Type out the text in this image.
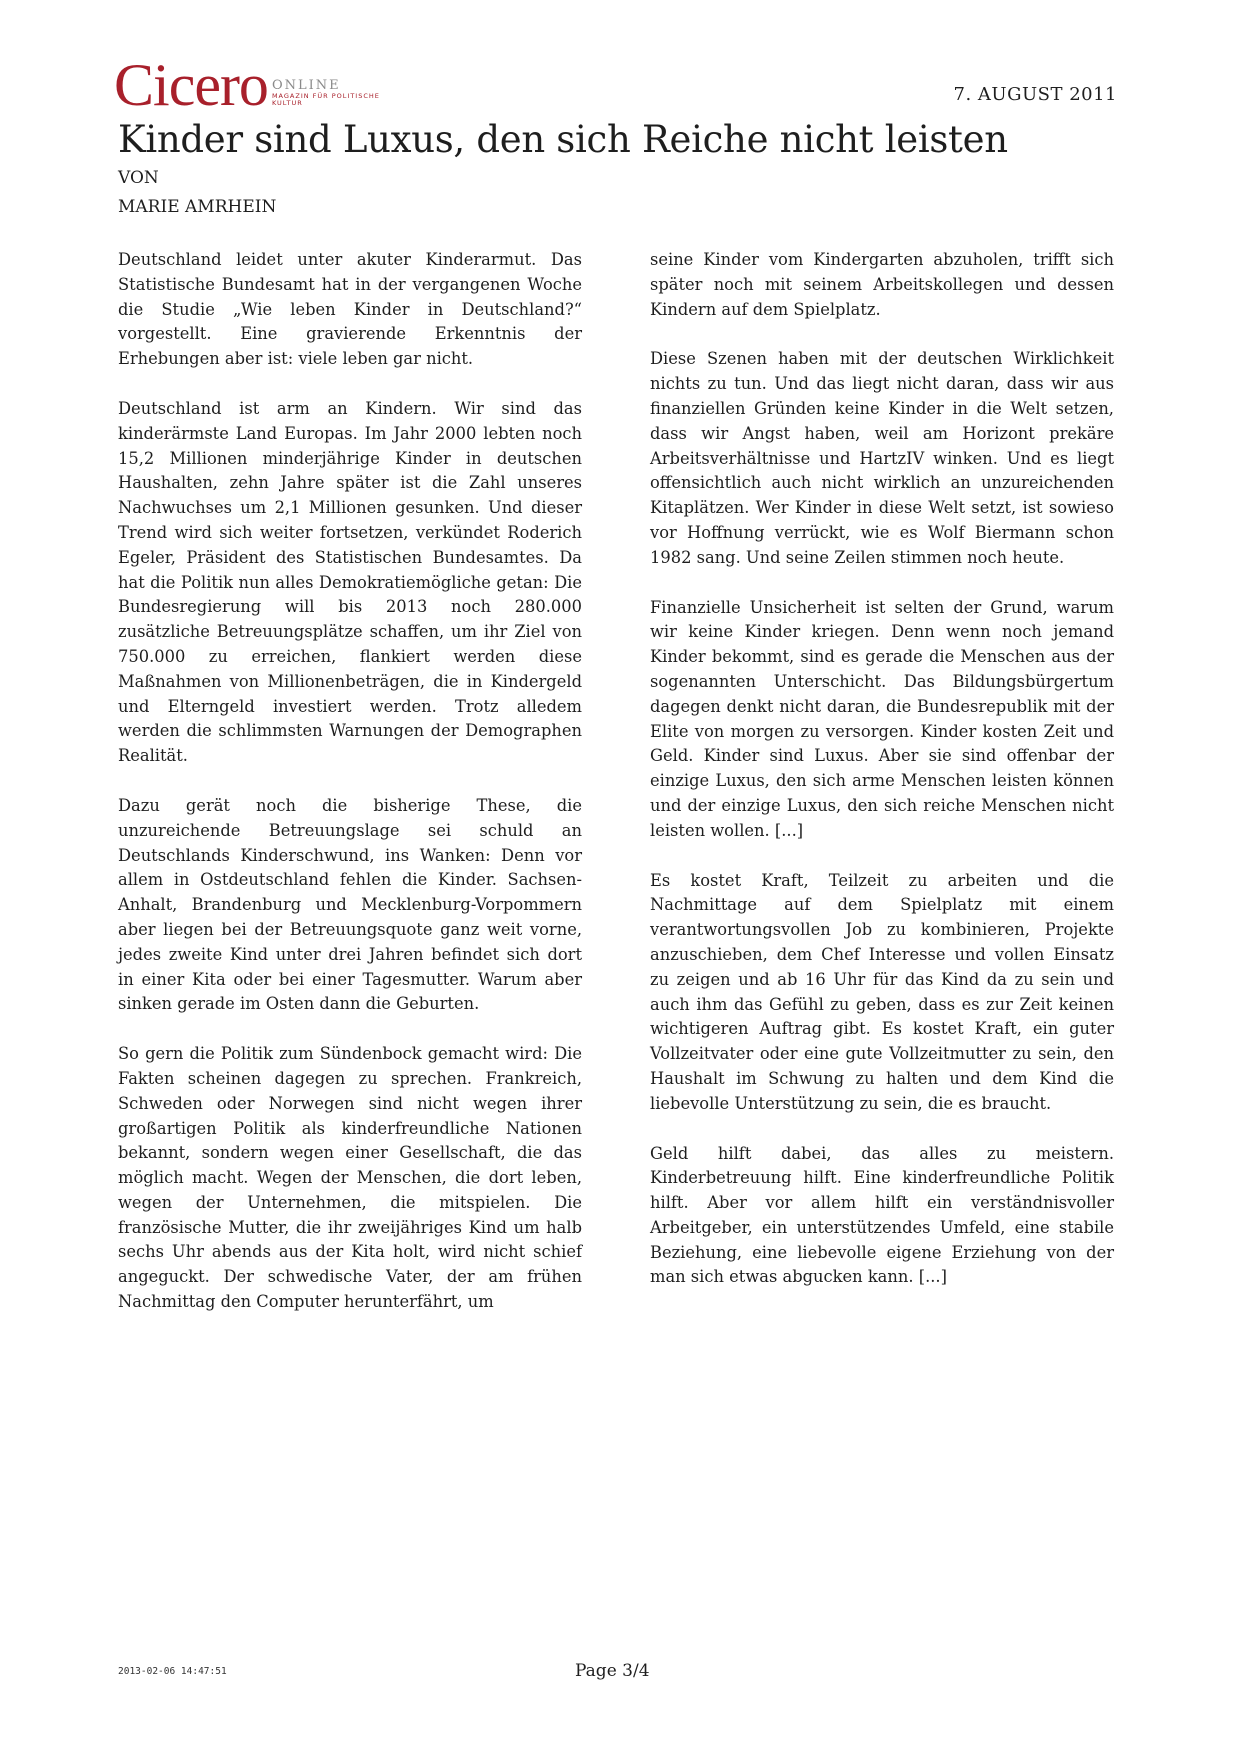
Cicero ONLINE
MAGAZIN FÜR POLITISCHE KULTUR	7. AUGUST 2011
Kinder sind Luxus, den sich Reiche nicht leisten
VON
MARIE AMRHEIN

Deutschland leidet unter akuter Kinderarmut. Das Statistische Bundesamt hat in der vergangenen Woche die Studie „Wie leben Kinder in Deutschland?“ vorgestellt. Eine gravierende Erkenntnis der Erhebungen aber ist: viele leben gar nicht.

Deutschland ist arm an Kindern. Wir sind das kinderärmste Land Europas. Im Jahr 2000 lebten noch 15,2 Millionen minderjährige Kinder in deutschen Haushalten, zehn Jahre später ist die Zahl unseres Nachwuchses um 2,1 Millionen gesunken. Und dieser Trend wird sich weiter fortsetzen, verkündet Roderich Egeler, Präsident des Statistischen Bundesamtes. Da hat die Politik nun alles Demokratiemögliche getan: Die Bundesregierung will bis 2013 noch 280.000 zusätzliche Betreuungsplätze schaffen, um ihr Ziel von 750.000 zu erreichen, flankiert werden diese Maßnahmen von Millionenbeträgen, die in Kindergeld und Elterngeld investiert werden. Trotz alledem werden die schlimmsten Warnungen der Demographen Realität.

Dazu gerät noch die bisherige These, die unzureichende Betreuungslage sei schuld an Deutschlands Kinderschwund, ins Wanken: Denn vor allem in Ostdeutschland fehlen die Kinder. Sachsen-Anhalt, Brandenburg und Mecklenburg-Vorpommern aber liegen bei der Betreuungsquote ganz weit vorne, jedes zweite Kind unter drei Jahren befindet sich dort in einer Kita oder bei einer Tagesmutter. Warum aber sinken gerade im Osten dann die Geburten.

So gern die Politik zum Sündenbock gemacht wird: Die Fakten scheinen dagegen zu sprechen. Frankreich, Schweden oder Norwegen sind nicht wegen ihrer großartigen Politik als kinderfreundliche Nationen bekannt, sondern wegen einer Gesellschaft, die das möglich macht. Wegen der Menschen, die dort leben, wegen der Unternehmen, die mitspielen. Die französische Mutter, die ihr zweijähriges Kind um halb sechs Uhr abends aus der Kita holt, wird nicht schief angeguckt. Der schwedische Vater, der am frühen Nachmittag den Computer herunterfährt, um

seine Kinder vom Kindergarten abzuholen, trifft sich später noch mit seinem Arbeitskollegen und dessen Kindern auf dem Spielplatz.

Diese Szenen haben mit der deutschen Wirklichkeit nichts zu tun. Und das liegt nicht daran, dass wir aus finanziellen Gründen keine Kinder in die Welt setzen, dass wir Angst haben, weil am Horizont prekäre Arbeitsverhältnisse und HartzIV winken. Und es liegt offensichtlich auch nicht wirklich an unzureichenden Kitaplätzen. Wer Kinder in diese Welt setzt, ist sowieso vor Hoffnung verrückt, wie es Wolf Biermann schon 1982 sang. Und seine Zeilen stimmen noch heute.

Finanzielle Unsicherheit ist selten der Grund, warum wir keine Kinder kriegen. Denn wenn noch jemand Kinder bekommt, sind es gerade die Menschen aus der sogenannten Unterschicht. Das Bildungsbürgertum dagegen denkt nicht daran, die Bundesrepublik mit der Elite von morgen zu versorgen. Kinder kosten Zeit und Geld. Kinder sind Luxus. Aber sie sind offenbar der einzige Luxus, den sich arme Menschen leisten können und der einzige Luxus, den sich reiche Menschen nicht leisten wollen. [...]

Es kostet Kraft, Teilzeit zu arbeiten und die Nachmittage auf dem Spielplatz mit einem verantwortungsvollen Job zu kombinieren, Projekte anzuschieben, dem Chef Interesse und vollen Einsatz zu zeigen und ab 16 Uhr für das Kind da zu sein und auch ihm das Gefühl zu geben, dass es zur Zeit keinen wichtigeren Auftrag gibt. Es kostet Kraft, ein guter Vollzeitvater oder eine gute Vollzeitmutter zu sein, den Haushalt im Schwung zu halten und dem Kind die liebevolle Unterstützung zu sein, die es braucht.

Geld hilft dabei, das alles zu meistern. Kinderbetreuung hilft. Eine kinderfreundliche Politik hilft. Aber vor allem hilft ein verständnisvoller Arbeitgeber, ein unterstützendes Umfeld, eine stabile Beziehung, eine liebevolle eigene Erziehung von der man sich etwas abgucken kann. [...]

2013-02-06 14:47:51	Page 3/4
